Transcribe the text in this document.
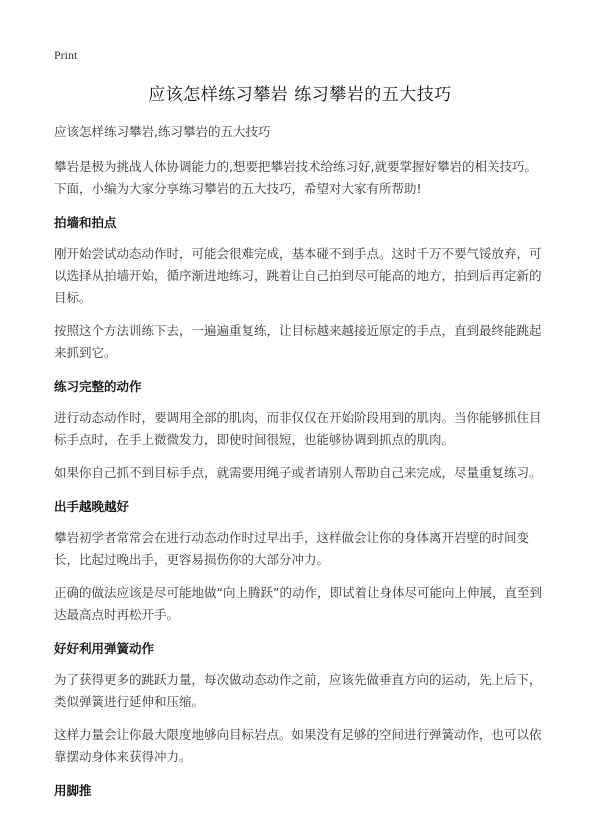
Print
应该怎样练习攀岩 练习攀岩的五大技巧

应该怎样练习攀岩,练习攀岩的五大技巧

攀岩是极为挑战人体协调能力的,想要把攀岩技术给练习好,就要掌握好攀岩的相关技巧。下面，小编为大家分享练习攀岩的五大技巧，希望对大家有所帮助!

拍墙和拍点

刚开始尝试动态动作时，可能会很难完成，基本碰不到手点。这时千万不要气馁放弃，可以选择从拍墙开始，循序渐进地练习，跳着让自己拍到尽可能高的地方，拍到后再定新的目标。

按照这个方法训练下去，一遍遍重复练，让目标越来越接近原定的手点，直到最终能跳起来抓到它。

练习完整的动作

进行动态动作时，要调用全部的肌肉，而非仅仅在开始阶段用到的肌肉。当你能够抓住目标手点时，在手上微微发力，即使时间很短，也能够协调到抓点的肌肉。

如果你自己抓不到目标手点，就需要用绳子或者请别人帮助自己来完成，尽量重复练习。

出手越晚越好

攀岩初学者常常会在进行动态动作时过早出手，这样做会让你的身体离开岩壁的时间变长，比起过晚出手，更容易损伤你的大部分冲力。

正确的做法应该是尽可能地做“向上腾跃”的动作，即试着让身体尽可能向上伸展，直至到达最高点时再松开手。

好好利用弹簧动作

为了获得更多的跳跃力量，每次做动态动作之前，应该先做垂直方向的运动，先上后下，类似弹簧进行延伸和压缩。

这样力量会让你最大限度地够向目标岩点。如果没有足够的空间进行弹簧动作，也可以依靠摆动身体来获得冲力。

用脚推
